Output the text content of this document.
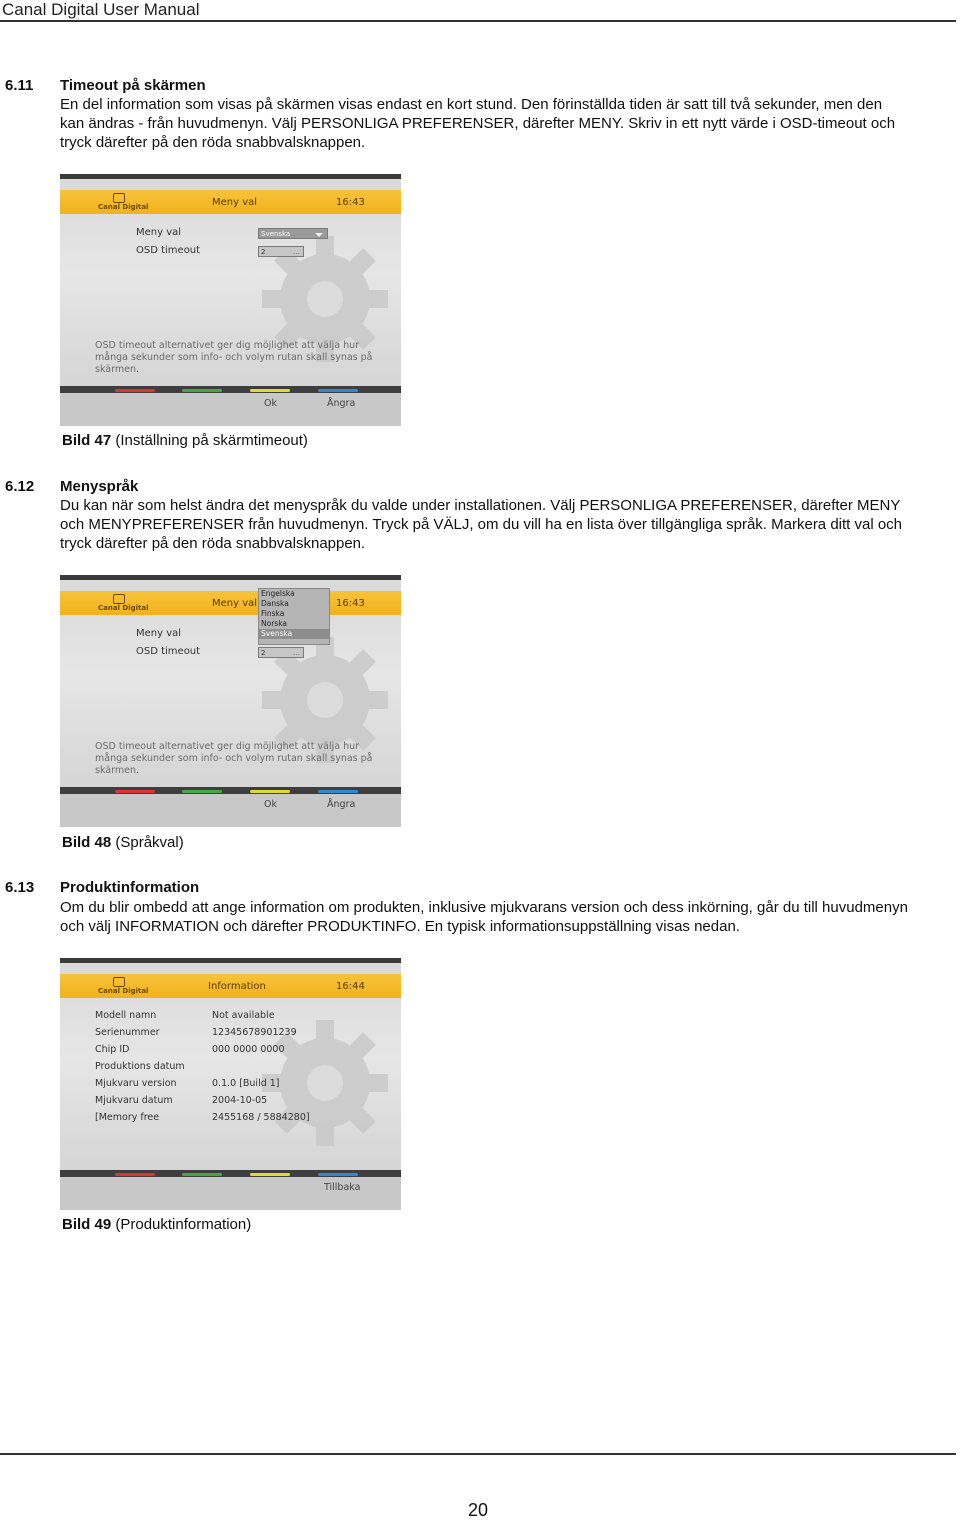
Canal Digital User Manual
6.11 Timeout på skärmen
En del information som visas på skärmen visas endast en kort stund. Den förinställda tiden är satt till två sekunder, men den
kan ändras - från huvudmenyn. Välj PERSONLIGA PREFERENSER, därefter MENY. Skriv in ett nytt värde i OSD-timeout och
tryck därefter på den röda snabbvalsknappen.
Canal Digital	Meny val	16:43
Meny val	Svenska
OSD timeout	2	…
OSD timeout alternativet ger dig möjlighet att välja hur
många sekunder som info- och volym rutan skall synas på
skärmen.
Ok	Ångra
Bild 47 (Inställning på skärmtimeout)
6.12 Menyspråk
Du kan när som helst ändra det menyspråk du valde under installationen. Välj PERSONLIGA PREFERENSER, därefter MENY
och MENYPREFERENSER från huvudmenyn. Tryck på VÄLJ, om du vill ha en lista över tillgängliga språk. Markera ditt val och
tryck därefter på den röda snabbvalsknappen.
Canal Digital	Meny val	16:43
Meny val
OSD timeout	2	…
Engelska
Danska
Finska
Norska
Svenska
OSD timeout alternativet ger dig möjlighet att välja hur
många sekunder som info- och volym rutan skall synas på
skärmen.
Ok	Ångra
Bild 48 (Språkval)
6.13 Produktinformation
Om du blir ombedd att ange information om produkten, inklusive mjukvarans version och dess inkörning, går du till huvudmenyn
och välj INFORMATION och därefter PRODUKTINFO. En typisk informationsuppställning visas nedan.
Canal Digital	Information	16:44
Modell namn	Not available
Serienummer	12345678901239
Chip ID	000 0000 0000
Produktions datum
Mjukvaru version	0.1.0 [Build 1]
Mjukvaru datum	2004-10-05
[Memory free	2455168 / 5884280]
Tillbaka
Bild 49 (Produktinformation)
20
